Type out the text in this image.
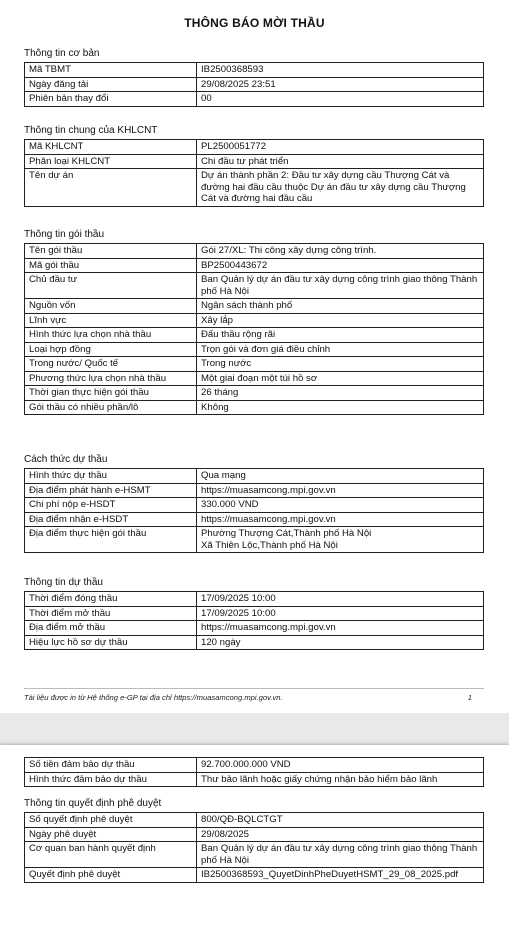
THÔNG BÁO MỜI THẦU
Thông tin cơ bản
Mã TBMT	IB2500368593
Ngày đăng tải	29/08/2025 23:51
Phiên bản thay đổi	00
Thông tin chung của KHLCNT
Mã KHLCNT	PL2500051772
Phân loại KHLCNT	Chi đầu tư phát triển
Tên dự án	Dự án thành phần 2: Đầu tư xây dựng cầu Thượng Cát và đường hai đầu cầu thuộc Dự án đầu tư xây dựng cầu Thượng Cát và đường hai đầu cầu
Thông tin gói thầu
Tên gói thầu	Gói 27/XL: Thi công xây dựng công trình.
Mã gói thầu	BP2500443672
Chủ đầu tư	Ban Quản lý dự án đầu tư xây dựng công trình giao thông Thành phố Hà Nội
Nguồn vốn	Ngân sách thành phố
Lĩnh vực	Xây lắp
Hình thức lựa chọn nhà thầu	Đấu thầu rộng rãi
Loại hợp đồng	Trọn gói và đơn giá điều chỉnh
Trong nước/ Quốc tế	Trong nước
Phương thức lựa chọn nhà thầu	Một giai đoạn một túi hồ sơ
Thời gian thực hiện gói thầu	26 tháng
Gói thầu có nhiều phần/lô	Không
Cách thức dự thầu
Hình thức dự thầu	Qua mạng
Địa điểm phát hành e-HSMT	https://muasamcong.mpi.gov.vn
Chi phí nộp e-HSDT	330.000 VND
Địa điểm nhận e-HSDT	https://muasamcong.mpi.gov.vn
Địa điểm thực hiện gói thầu	Phường Thượng Cát,Thành phố Hà Nội
Xã Thiên Lộc,Thành phố Hà Nội
Thông tin dự thầu
Thời điểm đóng thầu	17/09/2025 10:00
Thời điểm mở thầu	17/09/2025 10:00
Địa điểm mở thầu	https://muasamcong.mpi.gov.vn
Hiệu lực hồ sơ dự thầu	120 ngày
Tài liệu được in từ Hệ thống e-GP tại địa chỉ https://muasamcong.mpi.gov.vn.	1
Số tiền đảm bảo dự thầu	92.700.000.000 VND
Hình thức đảm bảo dự thầu	Thư bảo lãnh hoặc giấy chứng nhận bảo hiểm bảo lãnh
Thông tin quyết định phê duyệt
Số quyết định phê duyệt	800/QĐ-BQLCTGT
Ngày phê duyệt	29/08/2025
Cơ quan ban hành quyết định	Ban Quản lý dự án đầu tư xây dựng công trình giao thông Thành phố Hà Nội
Quyết định phê duyệt	IB2500368593_QuyetDinhPheDuyetHSMT_29_08_2025.pdf
